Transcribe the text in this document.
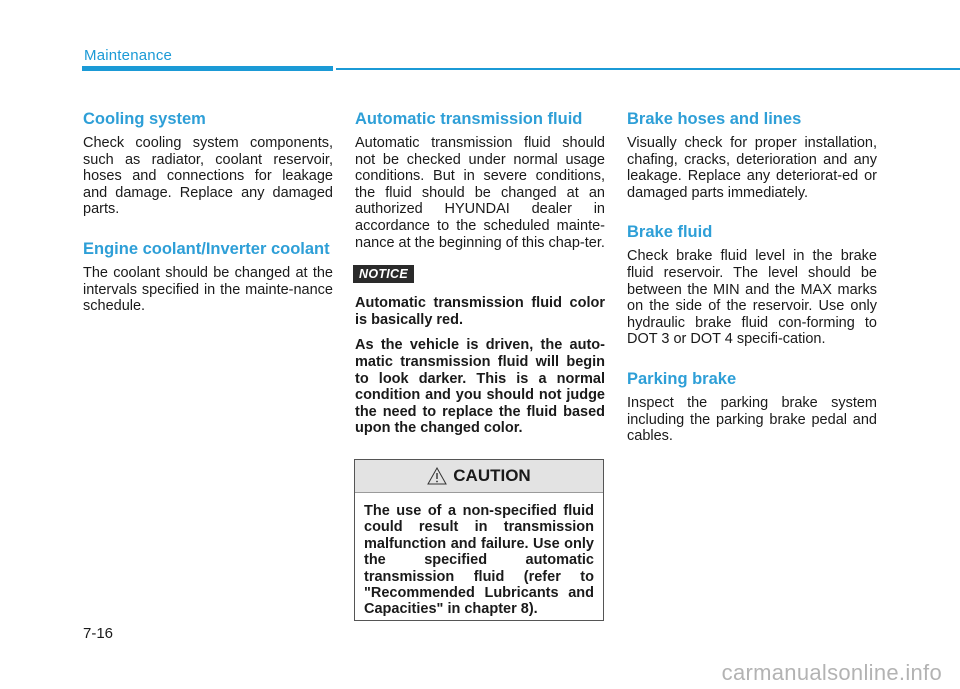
Maintenance
Cooling system

Check cooling system components, such as radiator, coolant reservoir, hoses and connections for leakage and damage. Replace any damaged parts.

Engine coolant/Inverter coolant

The coolant should be changed at the intervals specified in the mainte-nance schedule.

Automatic transmission fluid

Automatic transmission fluid should not be checked under normal usage conditions. But in severe conditions, the fluid should be changed at an authorized HYUNDAI dealer in accordance to the scheduled mainte-nance at the beginning of this chap-ter.

NOTICE

Automatic transmission fluid color is basically red.

As the vehicle is driven, the auto-matic transmission fluid will begin to look darker. This is a normal condition and you should not judge the need to replace the fluid based upon the changed color.

CAUTION

The use of a non-specified fluid could result in transmission malfunction and failure. Use only the specified automatic transmission fluid (refer to "Recommended Lubricants and Capacities" in chapter 8).

Brake hoses and lines

Visually check for proper installation, chafing, cracks, deterioration and any leakage. Replace any deteriorat-ed or damaged parts immediately.

Brake fluid

Check brake fluid level in the brake fluid reservoir. The level should be between the MIN and the MAX marks on the side of the reservoir. Use only hydraulic brake fluid con-forming to DOT 3 or DOT 4 specifi-cation.

Parking brake

Inspect the parking brake system including the parking brake pedal and cables.

7-16
carmanualsonline.info
